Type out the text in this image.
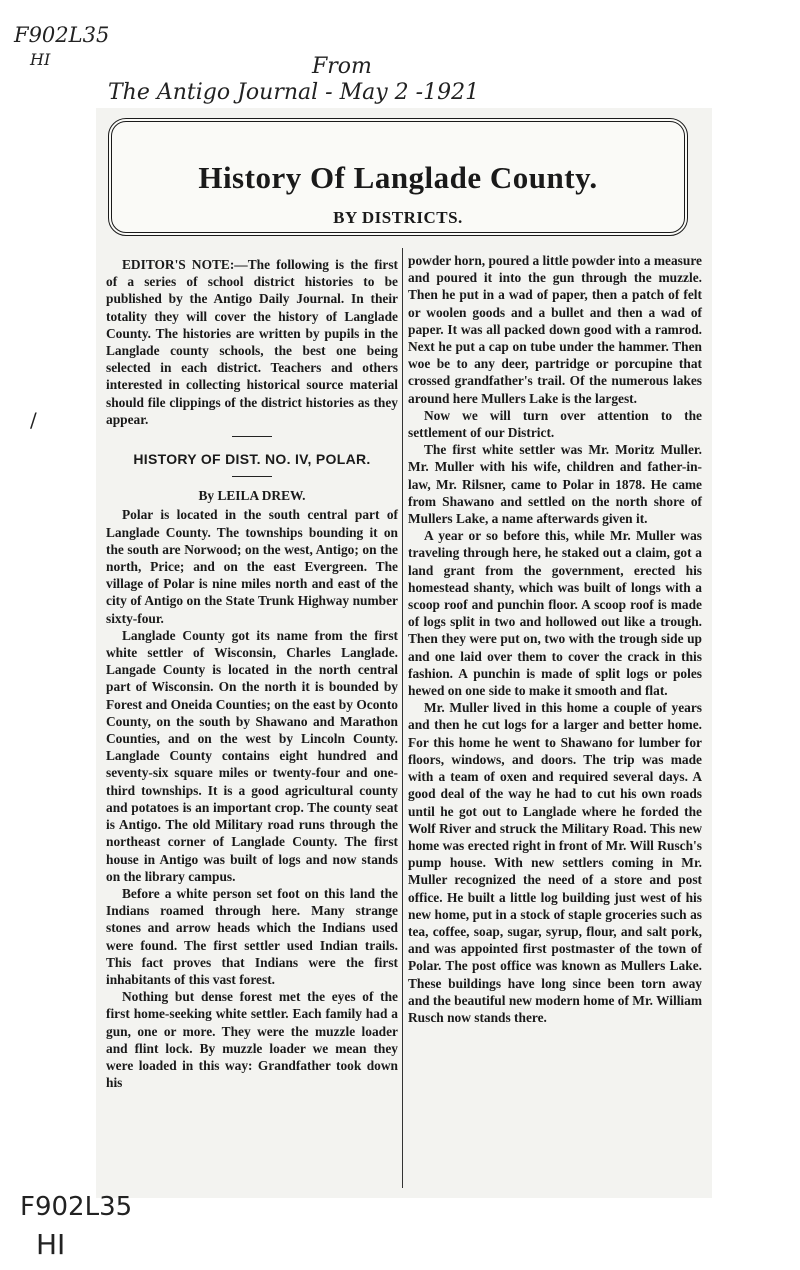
F902L35
HI	From
The Antigo Journal - May 2 -1921
/
History Of Langlade County.
BY DISTRICTS.

EDITOR'S NOTE:—The following is the first of a series of school district histories to be published by the Antigo Daily Journal. In their totality they will cover the history of Langlade County. The histories are written by pupils in the Langlade county schools, the best one being selected in each district. Teachers and others interested in collecting historical source material should file clippings of the district histories as they appear.

HISTORY OF DIST. NO. IV, POLAR.
By LEILA DREW.

Polar is located in the south central part of Langlade County. The townships bounding it on the south are Norwood; on the west, Antigo; on the north, Price; and on the east Evergreen. The village of Polar is nine miles north and east of the city of Antigo on the State Trunk Highway number sixty-four.

Langlade County got its name from the first white settler of Wisconsin, Charles Langlade. Langade County is located in the north central part of Wisconsin. On the north it is bounded by Forest and Oneida Counties; on the east by Oconto County, on the south by Shawano and Marathon Counties, and on the west by Lincoln County. Langlade County contains eight hundred and seventy-six square miles or twenty-four and one-third townships. It is a good agricultural county and potatoes is an important crop. The county seat is Antigo. The old Military road runs through the northeast corner of Langlade County. The first house in Antigo was built of logs and now stands on the library campus.

Before a white person set foot on this land the Indians roamed through here. Many strange stones and arrow heads which the Indians used were found. The first settler used Indian trails. This fact proves that Indians were the first inhabitants of this vast forest.

Nothing but dense forest met the eyes of the first home-seeking white settler. Each family had a gun, one or more. They were the muzzle loader and flint lock. By muzzle loader we mean they were loaded in this way: Grandfather took down his

powder horn, poured a little powder into a measure and poured it into the gun through the muzzle. Then he put in a wad of paper, then a patch of felt or woolen goods and a bullet and then a wad of paper. It was all packed down good with a ramrod. Next he put a cap on tube under the hammer. Then woe be to any deer, partridge or porcupine that crossed grandfather's trail. Of the numerous lakes around here Mullers Lake is the largest.

Now we will turn over attention to the settlement of our District.

The first white settler was Mr. Moritz Muller. Mr. Muller with his wife, children and father-in-law, Mr. Rilsner, came to Polar in 1878. He came from Shawano and settled on the north shore of Mullers Lake, a name afterwards given it.

A year or so before this, while Mr. Muller was traveling through here, he staked out a claim, got a land grant from the government, erected his homestead shanty, which was built of longs with a scoop roof and punchin floor. A scoop roof is made of logs split in two and hollowed out like a trough. Then they were put on, two with the trough side up and one laid over them to cover the crack in this fashion. A punchin is made of split logs or poles hewed on one side to make it smooth and flat.

Mr. Muller lived in this home a couple of years and then he cut logs for a larger and better home. For this home he went to Shawano for lumber for floors, windows, and doors. The trip was made with a team of oxen and required several days. A good deal of the way he had to cut his own roads until he got out to Langlade where he forded the Wolf River and struck the Military Road. This new home was erected right in front of Mr. Will Rusch's pump house. With new settlers coming in Mr. Muller recognized the need of a store and post office. He built a little log building just west of his new home, put in a stock of staple groceries such as tea, coffee, soap, sugar, syrup, flour, and salt pork, and was appointed first postmaster of the town of Polar. The post office was known as Mullers Lake. These buildings have long since been torn away and the beautiful new modern home of Mr. William Rusch now stands there.

F902L35
HI
